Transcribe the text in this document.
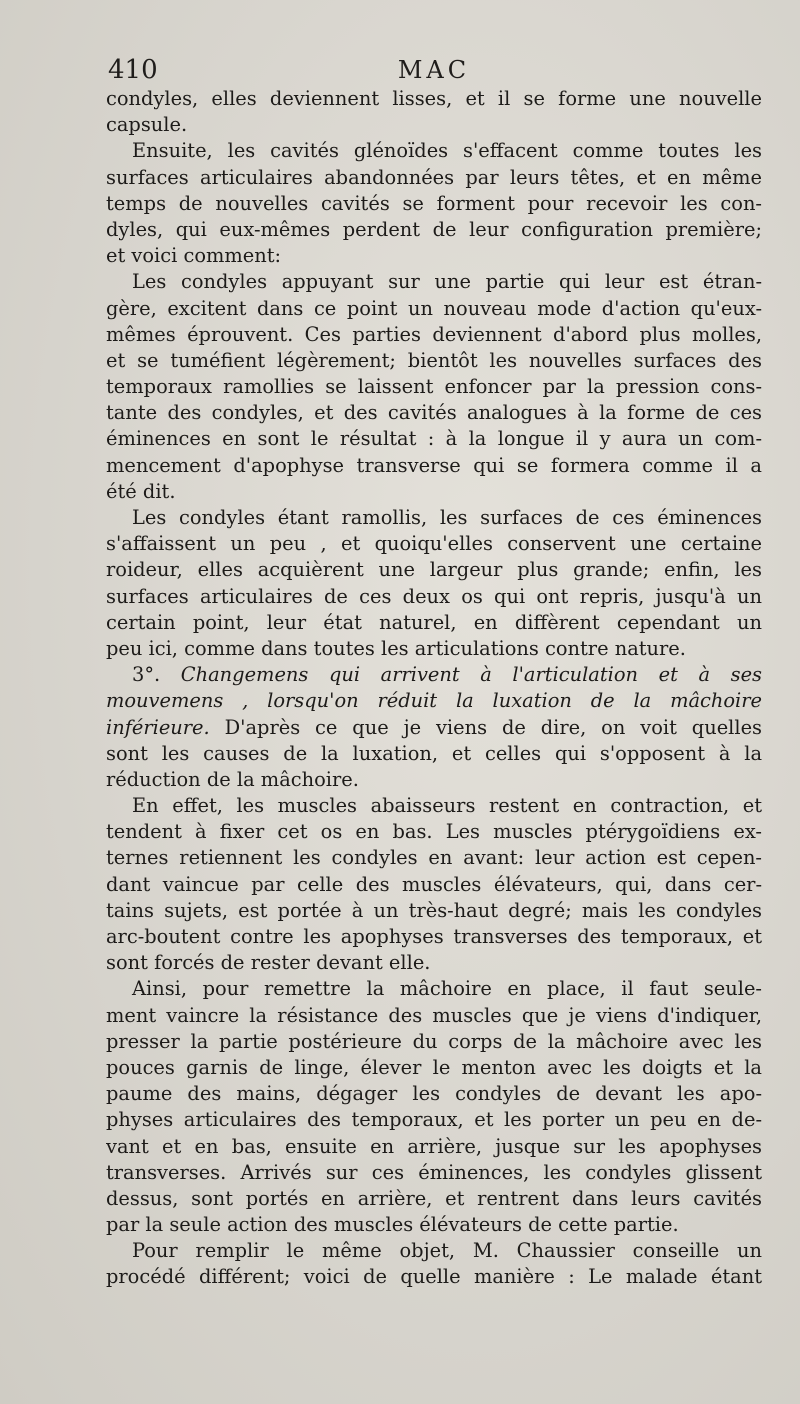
410	MAC
condyles, elles deviennent lisses, et il se forme une nouvelle
capsule.
Ensuite, les cavités glénoïdes s'effacent comme toutes les
surfaces articulaires abandonnées par leurs têtes, et en même
temps de nouvelles cavités se forment pour recevoir les con-
dyles, qui eux-mêmes perdent de leur configuration première;
et voici comment:
Les condyles appuyant sur une partie qui leur est étran-
gère, excitent dans ce point un nouveau mode d'action qu'eux-
mêmes éprouvent. Ces parties deviennent d'abord plus molles,
et se tuméfient légèrement; bientôt les nouvelles surfaces des
temporaux ramollies se laissent enfoncer par la pression cons-
tante des condyles, et des cavités analogues à la forme de ces
éminences en sont le résultat : à la longue il y aura un com-
mencement d'apophyse transverse qui se formera comme il a
été dit.
Les condyles étant ramollis, les surfaces de ces éminences
s'affaissent un peu , et quoiqu'elles conservent une certaine
roideur, elles acquièrent une largeur plus grande; enfin, les
surfaces articulaires de ces deux os qui ont repris, jusqu'à un
certain point, leur état naturel, en diffèrent cependant un
peu ici, comme dans toutes les articulations contre nature.
3°. Changemens qui arrivent à l'articulation et à ses
mouvemens , lorsqu'on réduit la luxation de la mâchoire
inférieure. D'après ce que je viens de dire, on voit quelles
sont les causes de la luxation, et celles qui s'opposent à la
réduction de la mâchoire.
En effet, les muscles abaisseurs restent en contraction, et
tendent à fixer cet os en bas. Les muscles ptérygoïdiens ex-
ternes retiennent les condyles en avant: leur action est cepen-
dant vaincue par celle des muscles élévateurs, qui, dans cer-
tains sujets, est portée à un très-haut degré; mais les condyles
arc-boutent contre les apophyses transverses des temporaux, et
sont forcés de rester devant elle.
Ainsi, pour remettre la mâchoire en place, il faut seule-
ment vaincre la résistance des muscles que je viens d'indiquer,
presser la partie postérieure du corps de la mâchoire avec les
pouces garnis de linge, élever le menton avec les doigts et la
paume des mains, dégager les condyles de devant les apo-
physes articulaires des temporaux, et les porter un peu en de-
vant et en bas, ensuite en arrière, jusque sur les apophyses
transverses. Arrivés sur ces éminences, les condyles glissent
dessus, sont portés en arrière, et rentrent dans leurs cavités
par la seule action des muscles élévateurs de cette partie.
Pour remplir le même objet, M. Chaussier conseille un
procédé différent; voici de quelle manière : Le malade étant
